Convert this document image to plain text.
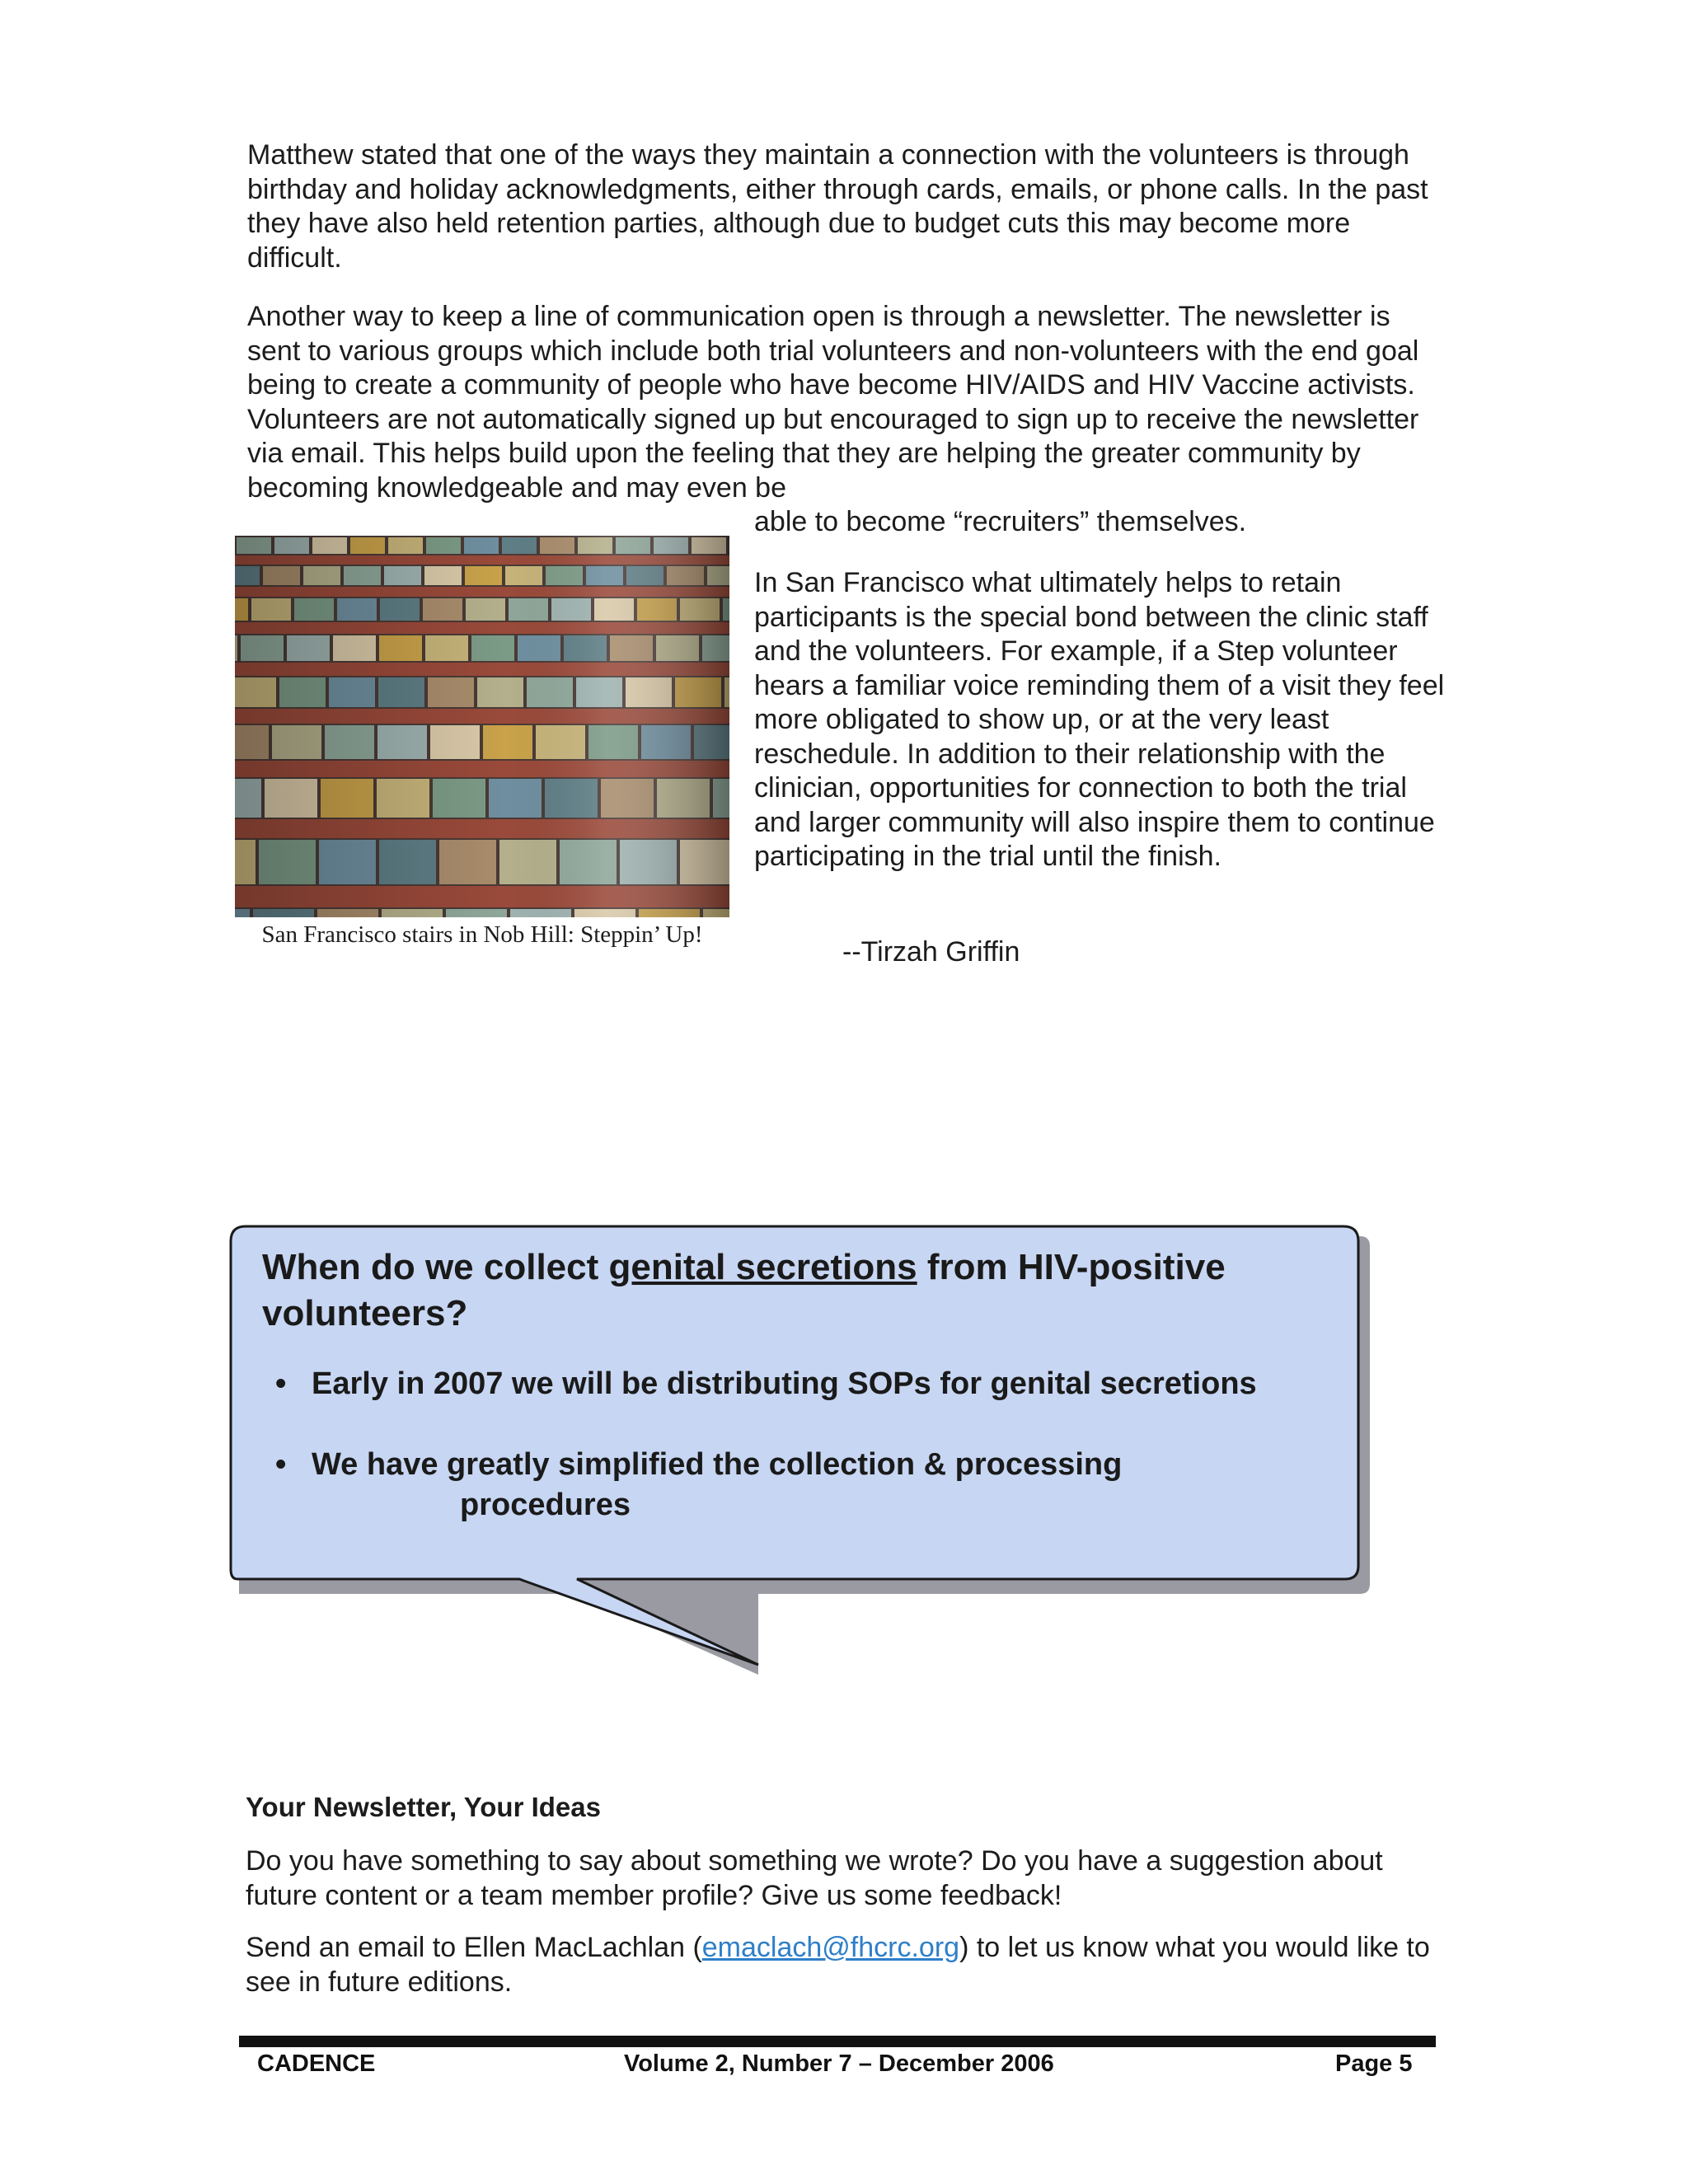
Matthew stated that one of the ways they maintain a connection with the volunteers is through birthday and holiday acknowledgments, either through cards, emails, or phone calls. In the past they have also held retention parties, although due to budget cuts this may become more difficult.

Another way to keep a line of communication open is through a newsletter. The newsletter is sent to various groups which include both trial volunteers and non-volunteers with the end goal being to create a community of people who have become HIV/AIDS and HIV Vaccine activists. Volunteers are not automatically signed up but encouraged to sign up to receive the newsletter via email. This helps build upon the feeling that they are helping the greater community by becoming knowledgeable and may even be

able to become “recruiters” themselves.

In San Francisco what ultimately helps to retain participants is the special bond between the clinic staff and the volunteers. For example, if a Step volunteer hears a familiar voice reminding them of a visit they feel more obligated to show up, or at the very least reschedule. In addition to their relationship with the clinician, opportunities for connection to both the trial and larger community will also inspire them to continue participating in the trial until the finish.

--Tirzah Griffin

San Francisco stairs in Nob Hill: Steppin’ Up!

When do we collect genital secretions from HIV-positive volunteers?

• Early in 2007 we will be distributing SOPs for genital secretions
• We have greatly simplified the collection & processing
procedures

Your Newsletter, Your Ideas

Do you have something to say about something we wrote? Do you have a suggestion about future content or a team member profile? Give us some feedback!

Send an email to Ellen MacLachlan (emaclach@fhcrc.org) to let us know what you would like to see in future editions.

CADENCE	Volume 2, Number 7 – December 2006	Page 5
